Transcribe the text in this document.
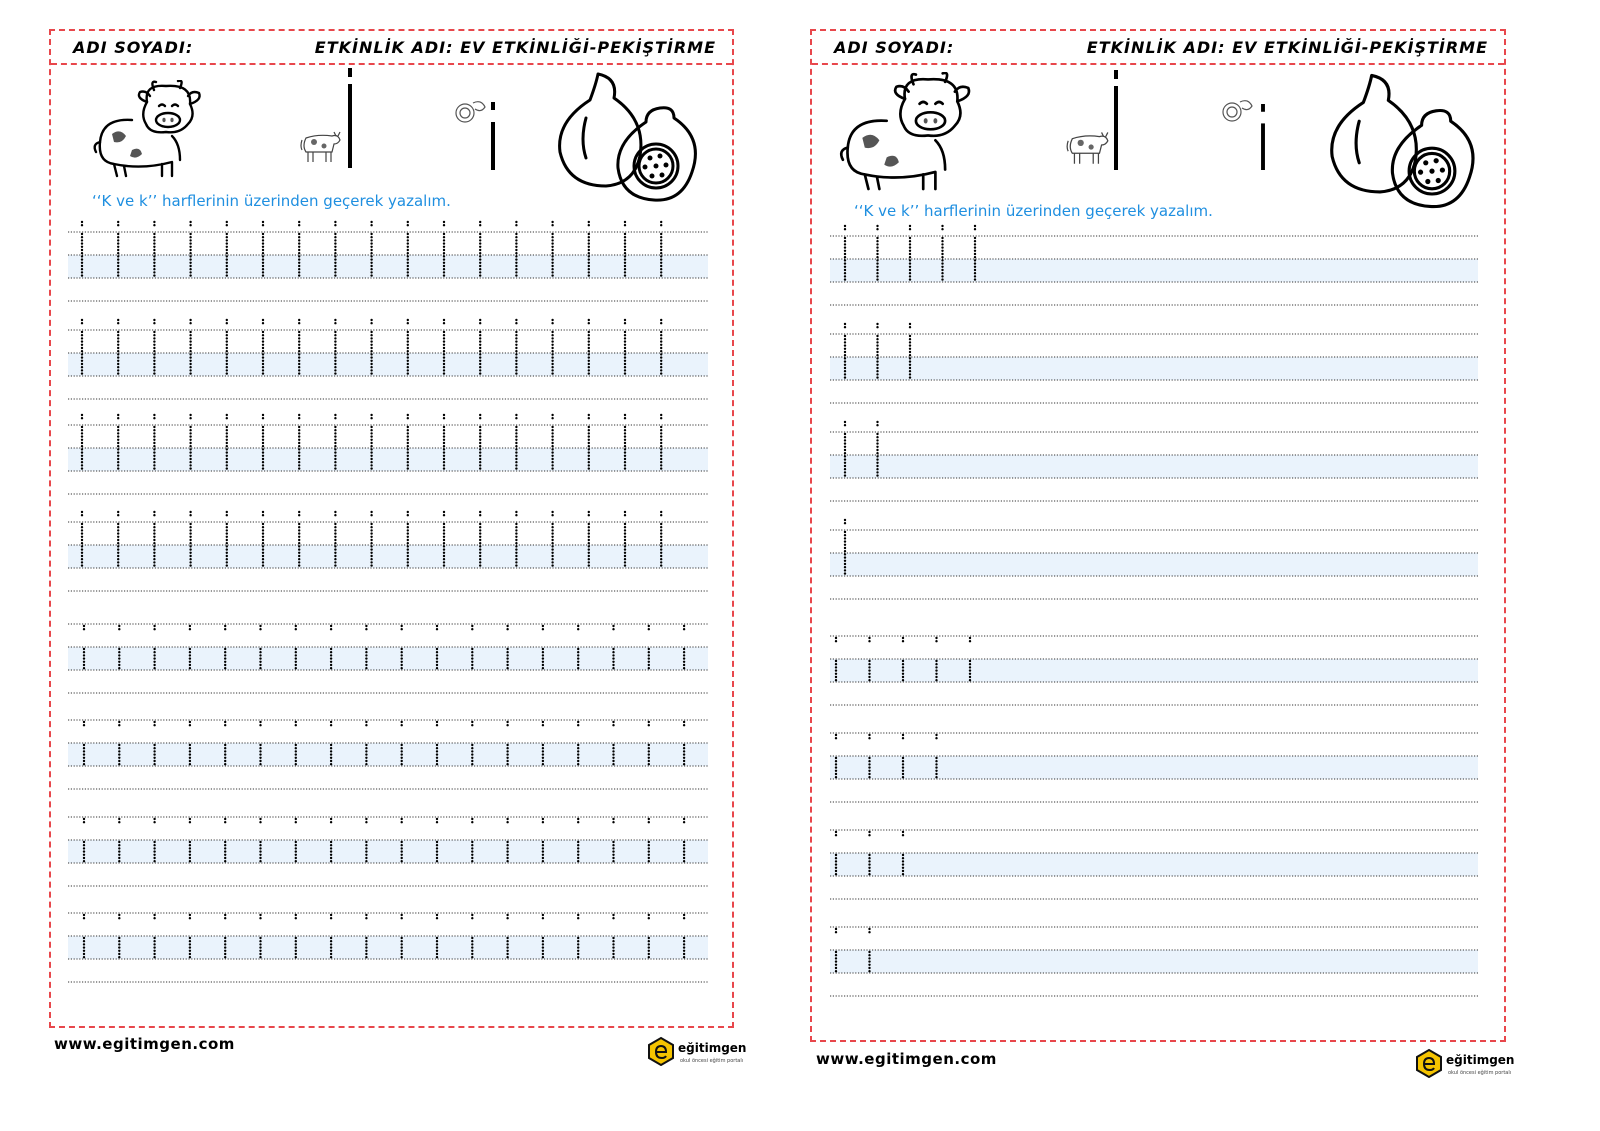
ADI SOYADI:	ETKİNLİK ADI: EV ETKİNLİĞİ-PEKİŞTİRME
‘‘K ve k’’ harflerinin üzerinden geçerek yazalım.
www.egitimgen.com	eğitimgen
okul öncesi eğitim portalı
ADI SOYADI:	ETKİNLİK ADI: EV ETKİNLİĞİ-PEKİŞTİRME
‘‘K ve k’’ harflerinin üzerinden geçerek yazalım.
www.egitimgen.com	eğitimgen
okul öncesi eğitim portalı
